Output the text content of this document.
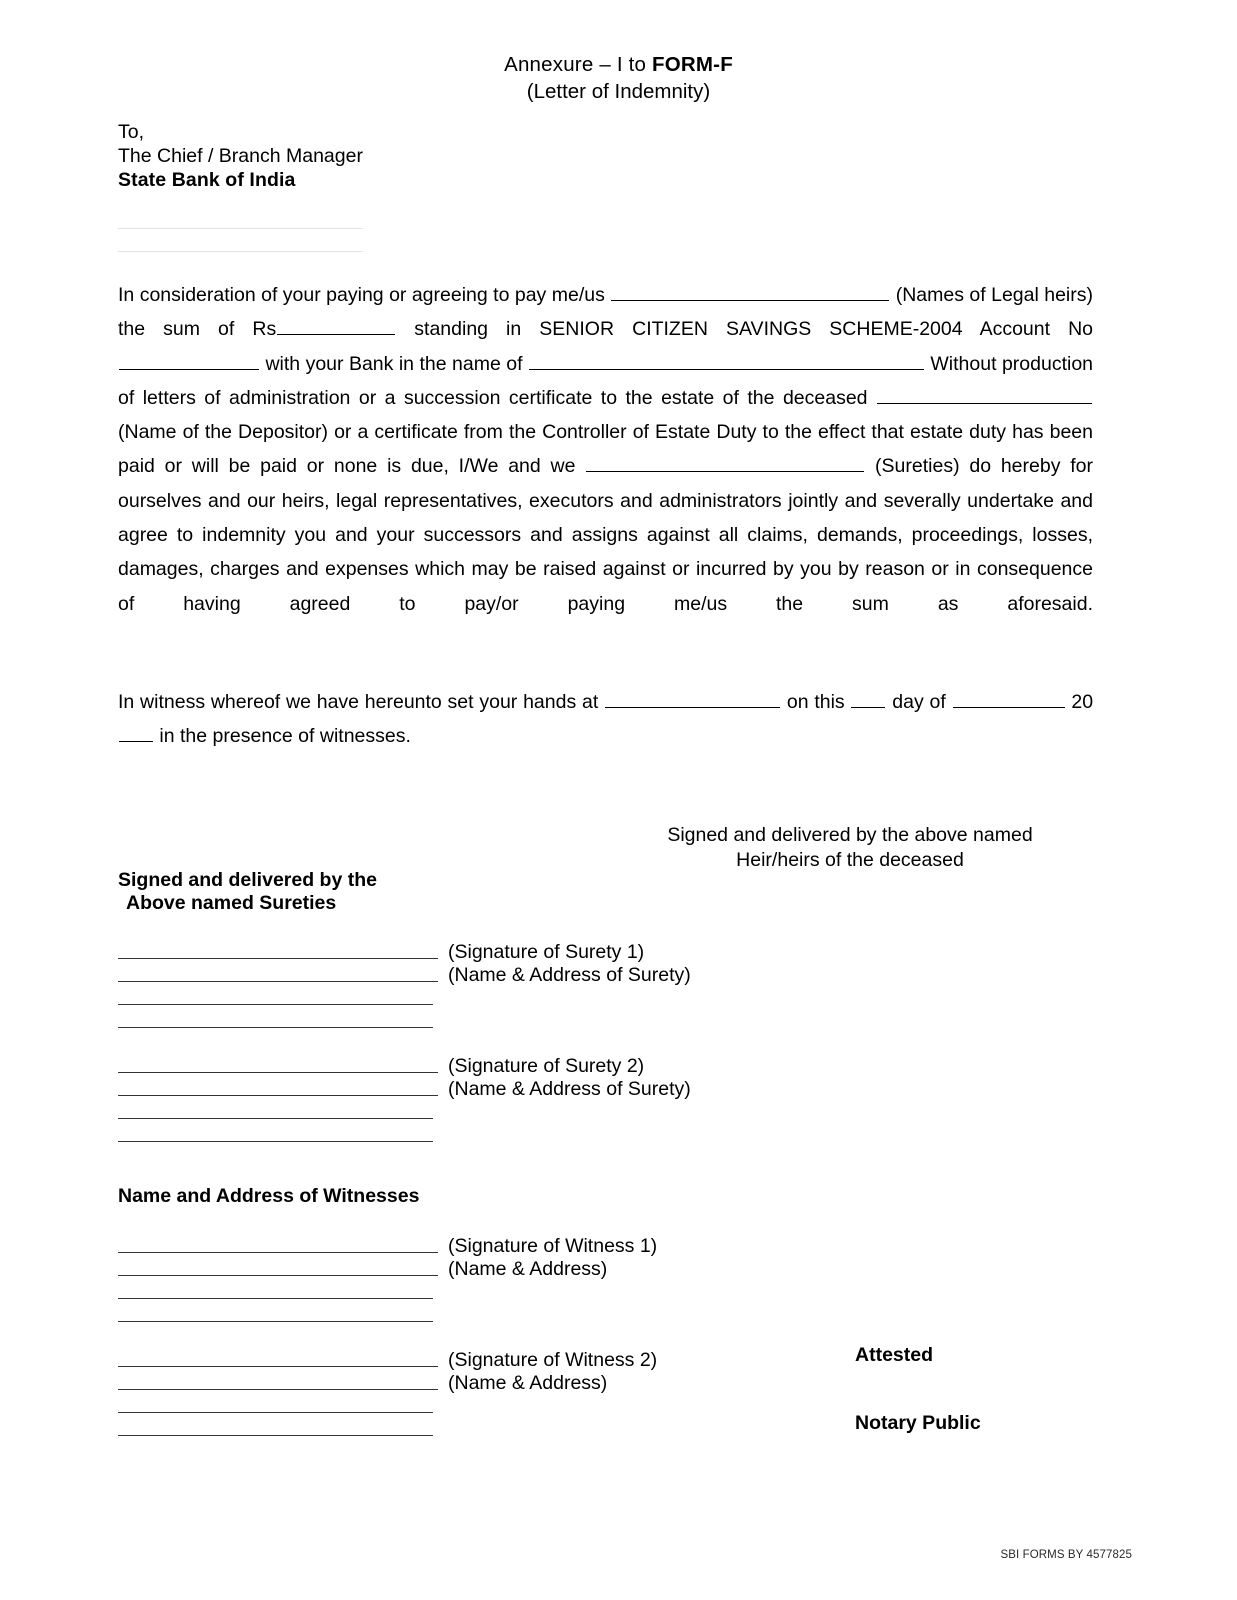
Annexure – I to FORM-F
(Letter of Indemnity)
To,
The Chief / Branch Manager
State Bank of India

In consideration of your paying or agreeing to pay me/us	(Names of Legal heirs) the sum of Rs	standing in SENIOR CITIZEN SAVINGS SCHEME-2004 Account No  with your Bank in the name of	Without production of letters of administration or a succession certificate to the estate of the deceased  (Name of the Depositor) or a certificate from the Controller of Estate Duty to the effect that estate duty has been paid or will be paid or none is due, I/We and we	(Sureties) do hereby for ourselves and our heirs, legal representatives, executors and administrators jointly and severally undertake and agree to indemnity you and your successors and assigns against all claims, demands, proceedings, losses, damages, charges and expenses which may be raised against or incurred by you by reason or in consequence of having agreed to pay/or paying me/us the sum as aforesaid.

In witness whereof we have hereunto set your hands at	on this day of	20 in the presence of witnesses.

Signed and delivered by the above named
Heir/heirs of the deceased
Signed and delivered by the
Above named Sureties
(Signature of Surety 1)
(Name & Address of Surety)
(Signature of Surety 2)
(Name & Address of Surety)
Name and Address of Witnesses
(Signature of Witness 1)
(Name & Address)
(Signature of Witness 2)
(Name & Address)
Attested
Notary Public
SBI FORMS BY 4577825
